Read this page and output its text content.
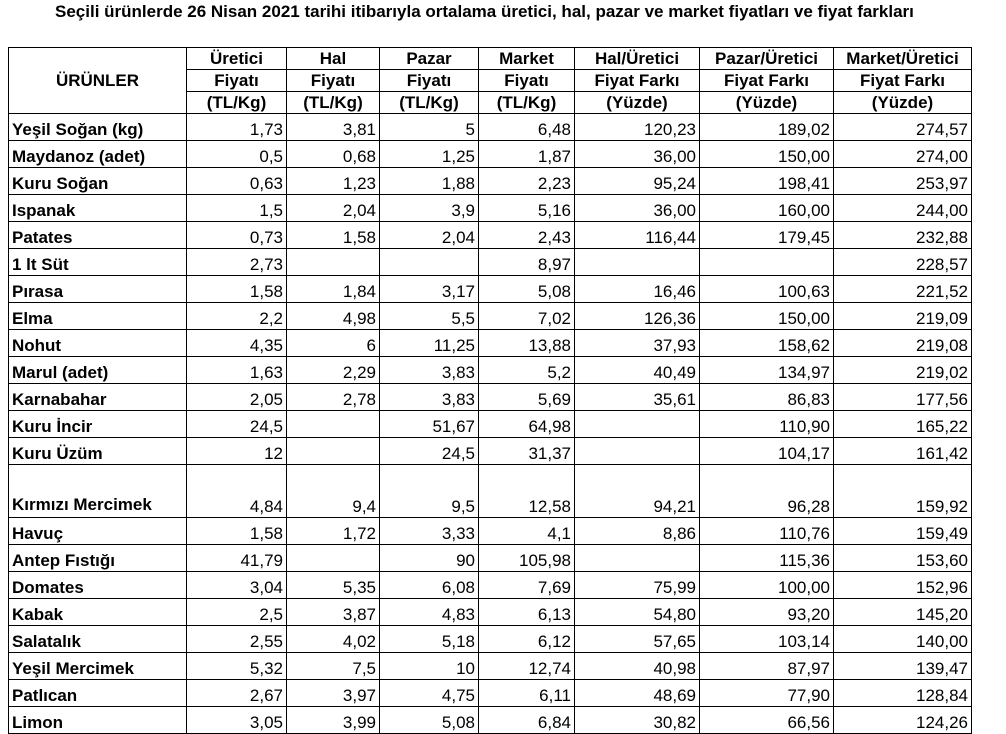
Seçili ürünlerde 26 Nisan 2021 tarihi itibarıyla ortalama üretici, hal, pazar ve market fiyatları ve fiyat farkları
ÜRÜNLER	Üretici	Hal	Pazar	Market	Hal/Üretici	Pazar/Üretici	Market/Üretici
	Fiyatı	Fiyatı	Fiyatı	Fiyatı	Fiyat Farkı	Fiyat Farkı	Fiyat Farkı
	(TL/Kg)	(TL/Kg)	(TL/Kg)	(TL/Kg)	(Yüzde)	(Yüzde)	(Yüzde)
Yeşil Soğan (kg)	1,73	3,81	5	6,48	120,23	189,02	274,57
Maydanoz (adet)	0,5	0,68	1,25	1,87	36,00	150,00	274,00
Kuru Soğan	0,63	1,23	1,88	2,23	95,24	198,41	253,97
Ispanak	1,5	2,04	3,9	5,16	36,00	160,00	244,00
Patates	0,73	1,58	2,04	2,43	116,44	179,45	232,88
1 lt Süt	2,73			8,97			228,57
Pırasa	1,58	1,84	3,17	5,08	16,46	100,63	221,52
Elma	2,2	4,98	5,5	7,02	126,36	150,00	219,09
Nohut	4,35	6	11,25	13,88	37,93	158,62	219,08
Marul (adet)	1,63	2,29	3,83	5,2	40,49	134,97	219,02
Karnabahar	2,05	2,78	3,83	5,69	35,61	86,83	177,56
Kuru İncir	24,5		51,67	64,98		110,90	165,22
Kuru Üzüm	12		24,5	31,37		104,17	161,42
Kırmızı Mercimek	4,84	9,4	9,5	12,58	94,21	96,28	159,92
Havuç	1,58	1,72	3,33	4,1	8,86	110,76	159,49
Antep Fıstığı	41,79		90	105,98		115,36	153,60
Domates	3,04	5,35	6,08	7,69	75,99	100,00	152,96
Kabak	2,5	3,87	4,83	6,13	54,80	93,20	145,20
Salatalık	2,55	4,02	5,18	6,12	57,65	103,14	140,00
Yeşil Mercimek	5,32	7,5	10	12,74	40,98	87,97	139,47
Patlıcan	2,67	3,97	4,75	6,11	48,69	77,90	128,84
Limon	3,05	3,99	5,08	6,84	30,82	66,56	124,26
